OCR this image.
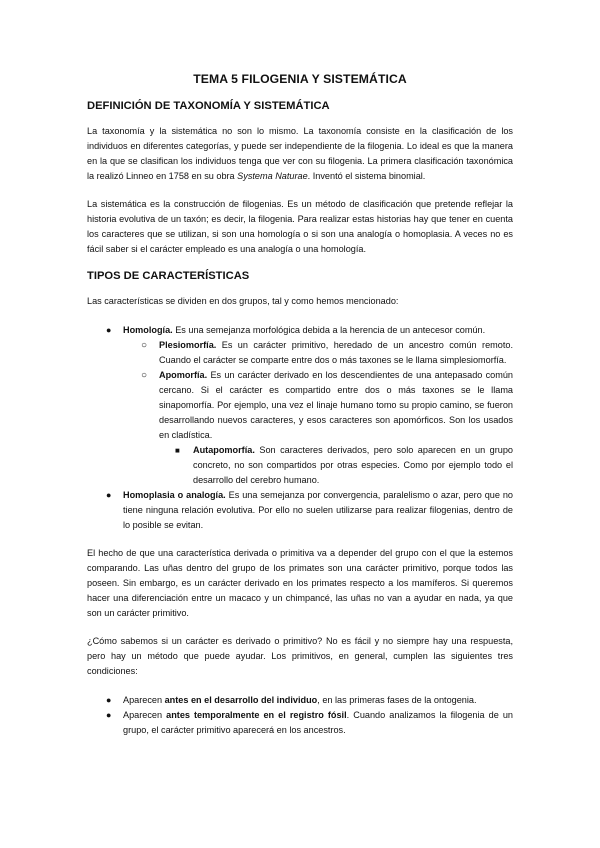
TEMA 5 FILOGENIA Y SISTEMÁTICA
DEFINICIÓN DE TAXONOMÍA Y SISTEMÁTICA

La taxonomía y la sistemática no son lo mismo. La taxonomía consiste en la clasificación de los individuos en diferentes categorías, y puede ser independiente de la filogenia. Lo ideal es que la manera en la que se clasifican los individuos tenga que ver con su filogenia. La primera clasificación taxonómica la realizó Linneo en 1758 en su obra Systema Naturae. Inventó el sistema binomial.

La sistemática es la construcción de filogenias. Es un método de clasificación que pretende reflejar la historia evolutiva de un taxón; es decir, la filogenia. Para realizar estas historias hay que tener en cuenta los caracteres que se utilizan, si son una homología o si son una analogía o homoplasia. A veces no es fácil saber si el carácter empleado es una analogía o una homología.

TIPOS DE CARACTERÍSTICAS

Las características se dividen en dos grupos, tal y como hemos mencionado:

● Homología. Es una semejanza morfológica debida a la herencia de un antecesor común.
○ Plesiomorfía. Es un carácter primitivo, heredado de un ancestro común remoto. Cuando el carácter se comparte entre dos o más taxones se le llama simplesiomorfía.
○ Apomorfía. Es un carácter derivado en los descendientes de una antepasado común cercano. Si el carácter es compartido entre dos o más taxones se le llama sinapomorfía. Por ejemplo, una vez el linaje humano tomo su propio camino, se fueron desarrollando nuevos caracteres, y esos caracteres son apomórficos. Son los usados en cladística.
■ Autapomorfía. Son caracteres derivados, pero solo aparecen en un grupo concreto, no son compartidos por otras especies. Como por ejemplo todo el desarrollo del cerebro humano.
● Homoplasia o analogía. Es una semejanza por convergencia, paralelismo o azar, pero que no tiene ninguna relación evolutiva. Por ello no suelen utilizarse para realizar filogenias, dentro de lo posible se evitan.

El hecho de que una característica derivada o primitiva va a depender del grupo con el que la estemos comparando. Las uñas dentro del grupo de los primates son una carácter primitivo, porque todos las poseen. Sin embargo, es un carácter derivado en los primates respecto a los mamíferos. Si queremos hacer una diferenciación entre un macaco y un chimpancé, las uñas no van a ayudar en nada, ya que son un carácter primitivo.

¿Cómo sabemos si un carácter es derivado o primitivo? No es fácil y no siempre hay una respuesta, pero hay un método que puede ayudar. Los primitivos, en general, cumplen las siguientes tres condiciones:

● Aparecen antes en el desarrollo del individuo, en las primeras fases de la ontogenia.
● Aparecen antes temporalmente en el registro fósil. Cuando analizamos la filogenia de un grupo, el carácter primitivo aparecerá en los ancestros.
